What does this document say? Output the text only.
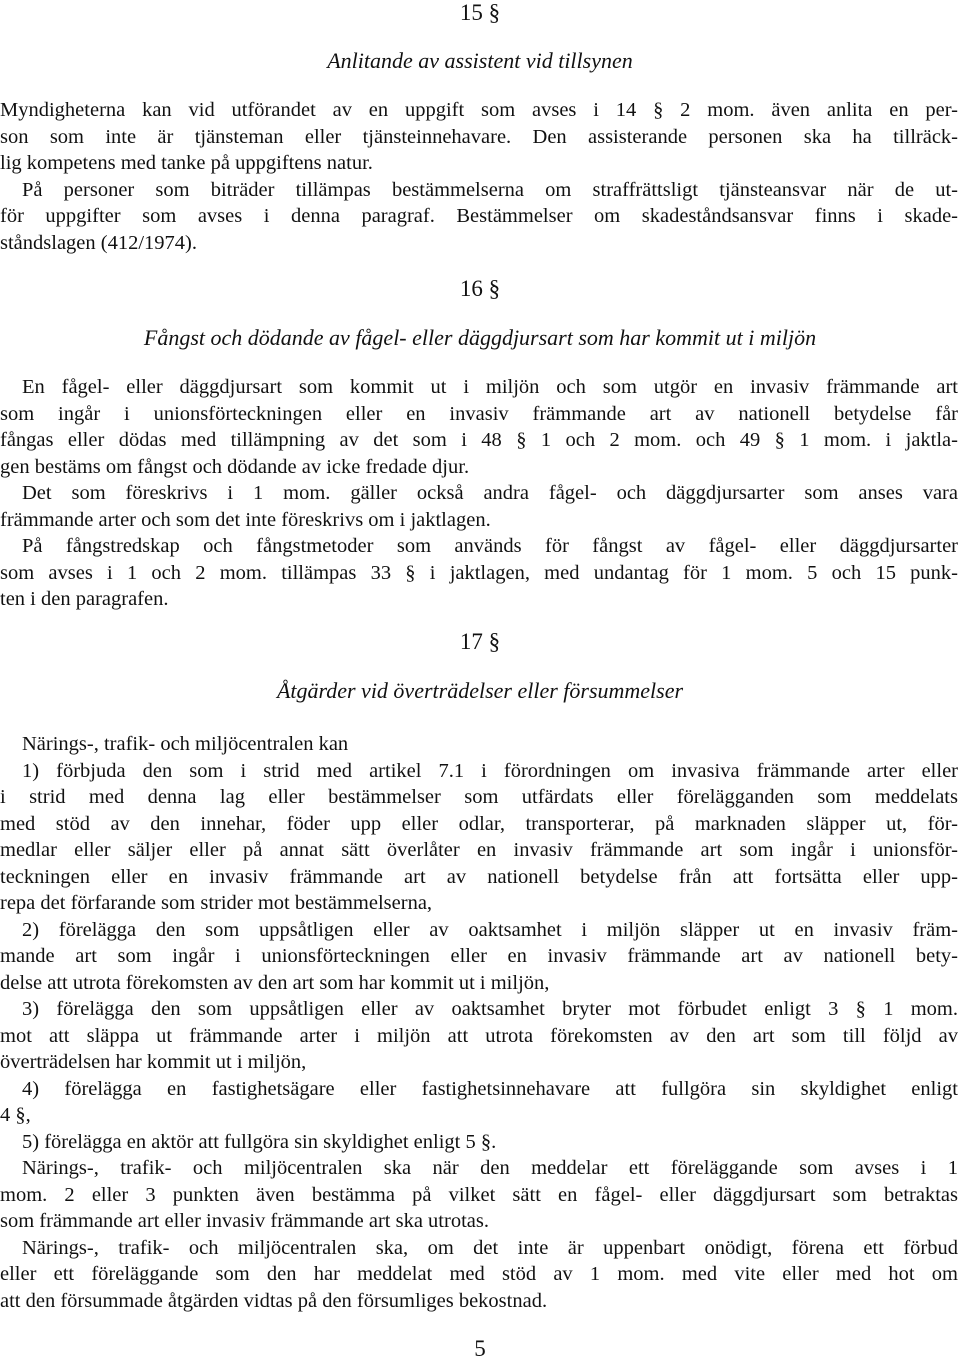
15 §
Anlitande av assistent vid tillsynen
Myndigheterna kan vid utförandet av en uppgift som avses i 14 § 2 mom. även anlita en per-
son som inte är tjänsteman eller tjänsteinnehavare. Den assisterande personen ska ha tillräck-
lig kompetens med tanke på uppgiftens natur.
På personer som biträder tillämpas bestämmelserna om straffrättsligt tjänsteansvar när de ut-
för uppgifter som avses i denna paragraf. Bestämmelser om skadeståndsansvar finns i skade-
ståndslagen (412/1974).
16 §
Fångst och dödande av fågel- eller däggdjursart som har kommit ut i miljön
En fågel- eller däggdjursart som kommit ut i miljön och som utgör en invasiv främmande art
som ingår i unionsförteckningen eller en invasiv främmande art av nationell betydelse får
fångas eller dödas med tillämpning av det som i 48 § 1 och 2 mom. och 49 § 1 mom. i jaktla-
gen bestäms om fångst och dödande av icke fredade djur.
Det som föreskrivs i 1 mom. gäller också andra fågel- och däggdjursarter som anses vara
främmande arter och som det inte föreskrivs om i jaktlagen.
På fångstredskap och fångstmetoder som används för fångst av fågel- eller däggdjursarter
som avses i 1 och 2 mom. tillämpas 33 § i jaktlagen, med undantag för 1 mom. 5 och 15 punk-
ten i den paragrafen.
17 §
Åtgärder vid överträdelser eller försummelser
Närings-, trafik- och miljöcentralen kan
1) förbjuda den som i strid med artikel 7.1 i förordningen om invasiva främmande arter eller
i strid med denna lag eller bestämmelser som utfärdats eller förelägganden som meddelats
med stöd av den innehar, föder upp eller odlar, transporterar, på marknaden släpper ut, för-
medlar eller säljer eller på annat sätt överlåter en invasiv främmande art som ingår i unionsför-
teckningen eller en invasiv främmande art av nationell betydelse från att fortsätta eller upp-
repa det förfarande som strider mot bestämmelserna,
2) förelägga den som uppsåtligen eller av oaktsamhet i miljön släpper ut en invasiv främ-
mande art som ingår i unionsförteckningen eller en invasiv främmande art av nationell bety-
delse att utrota förekomsten av den art som har kommit ut i miljön,
3) förelägga den som uppsåtligen eller av oaktsamhet bryter mot förbudet enligt 3 § 1 mom.
mot att släppa ut främmande arter i miljön att utrota förekomsten av den art som till följd av
överträdelsen har kommit ut i miljön,
4) förelägga en fastighetsägare eller fastighetsinnehavare att fullgöra sin skyldighet enligt
4 §,
5) förelägga en aktör att fullgöra sin skyldighet enligt 5 §.
Närings-, trafik- och miljöcentralen ska när den meddelar ett föreläggande som avses i 1
mom. 2 eller 3 punkten även bestämma på vilket sätt en fågel- eller däggdjursart som betraktas
som främmande art eller invasiv främmande art ska utrotas.
Närings-, trafik- och miljöcentralen ska, om det inte är uppenbart onödigt, förena ett förbud
eller ett föreläggande som den har meddelat med stöd av 1 mom. med vite eller med hot om
att den försummade åtgärden vidtas på den försumliges bekostnad.
5
